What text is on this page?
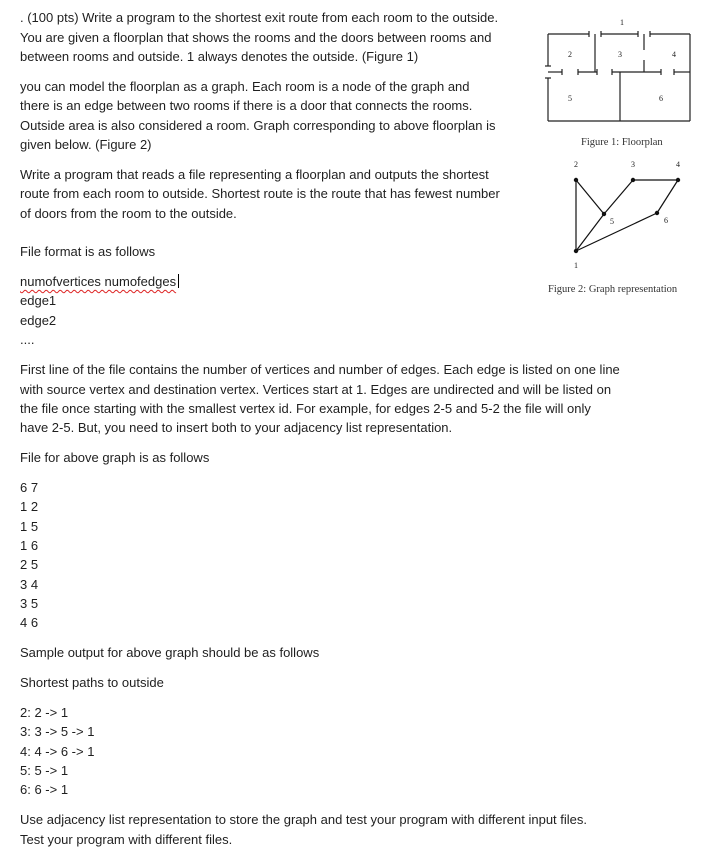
. (100 pts) Write a program to the shortest exit route from each room to the outside.

You are given a floorplan that shows the rooms and the doors between rooms and

between rooms and outside. 1 always denotes the outside. (Figure 1)

you can model the floorplan as a graph. Each room is a node of the graph and

there is an edge between two rooms if there is a door that connects the rooms.

Outside area is also considered a room. Graph corresponding to above floorplan is

given below. (Figure 2)

Write a program that reads a file representing a floorplan and outputs the shortest

route from each room to outside. Shortest route is the route that has fewest number

of doors from the room to the outside.

File format is as follows

numofvertices numofedges

edge1

edge2

....

First line of the file contains the number of vertices and number of edges. Each edge is listed on one line

with source vertex and destination vertex. Vertices start at 1. Edges are undirected and will be listed on

the file once starting with the smallest vertex id. For example, for edges 2-5 and 5-2 the file will only

have 2-5. But, you need to insert both to your adjacency list representation.

File for above graph is as follows

6 7

1 2

1 5

1 6

2 5

3 4

3 5

4 6

Sample output for above graph should be as follows

Shortest paths to outside

2: 2 -> 1

3: 3 -> 5 -> 1

4: 4 -> 6 -> 1

5: 5 -> 1

6: 6 -> 1

Use adjacency list representation to store the graph and test your program with different input files.

Test your program with different files.

1
2	3	4
5	6
Figure 1: Floorplan
1
2	3	4
5	6
Figure 2: Graph representation
